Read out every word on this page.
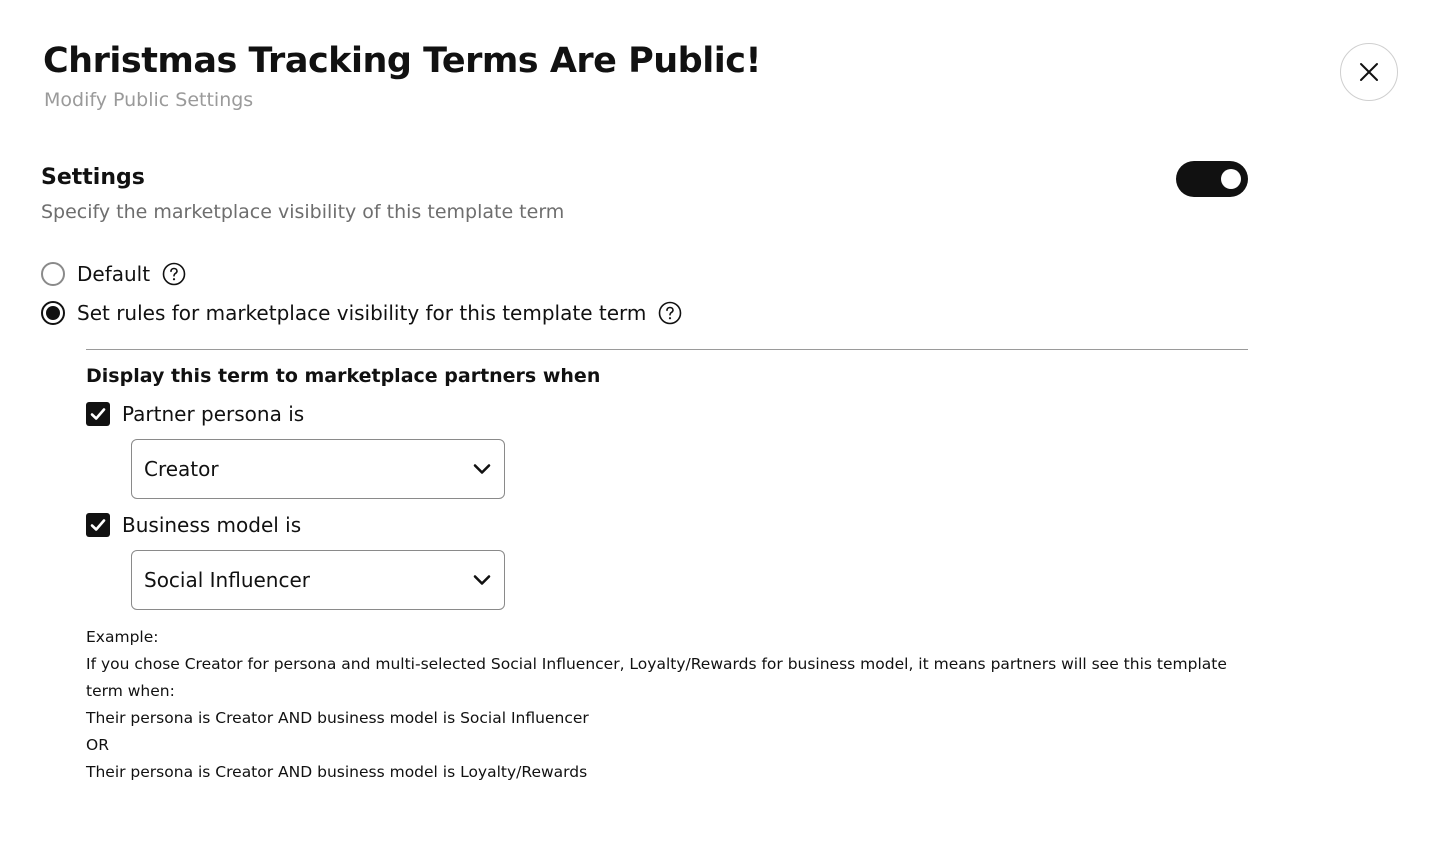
Christmas Tracking Terms Are Public!
Modify Public Settings
Settings
Specify the marketplace visibility of this template term
Default
Set rules for marketplace visibility for this template term
Display this term to marketplace partners when
Partner persona is
Creator
Business model is
Social Influencer
Example:
If you chose Creator for persona and multi-selected Social Influencer, Loyalty/Rewards for business model, it means partners will see this template term when:
Their persona is Creator AND business model is Social Influencer
OR
Their persona is Creator AND business model is Loyalty/Rewards
